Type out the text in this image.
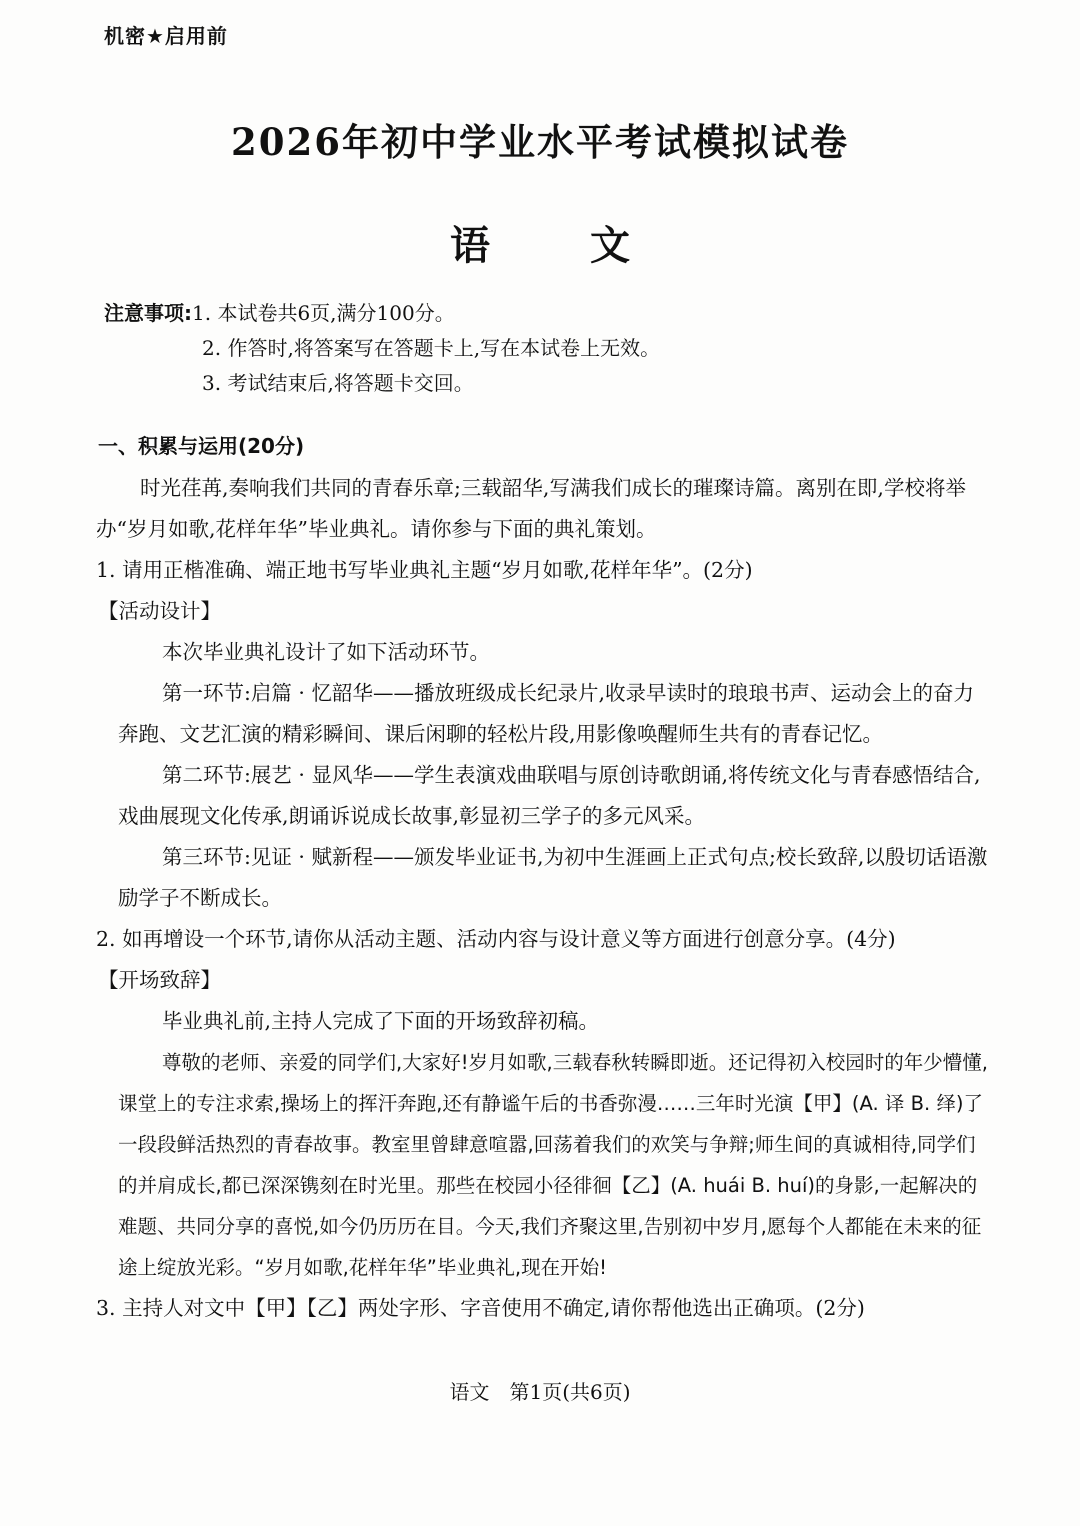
机密★启用前
2026年初中学业水平考试模拟试卷
语文
注意事项:1. 本试卷共6页,满分100分。
2. 作答时,将答案写在答题卡上,写在本试卷上无效。
3. 考试结束后,将答题卡交回。
一、积累与运用(20分)

时光荏苒,奏响我们共同的青春乐章;三载韶华,写满我们成长的璀璨诗篇。离别在即,学校将举办“岁月如歌,花样年华”毕业典礼。请你参与下面的典礼策划。

1. 请用正楷准确、端正地书写毕业典礼主题“岁月如歌,花样年华”。(2分)

【活动设计】

本次毕业典礼设计了如下活动环节。

第一环节:启篇 · 忆韶华——播放班级成长纪录片,收录早读时的琅琅书声、运动会上的奋力奔跑、文艺汇演的精彩瞬间、课后闲聊的轻松片段,用影像唤醒师生共有的青春记忆。

第二环节:展艺 · 显风华——学生表演戏曲联唱与原创诗歌朗诵,将传统文化与青春感悟结合,戏曲展现文化传承,朗诵诉说成长故事,彰显初三学子的多元风采。

第三环节:见证 · 赋新程——颁发毕业证书,为初中生涯画上正式句点;校长致辞,以殷切话语激励学子不断成长。

2. 如再增设一个环节,请你从活动主题、活动内容与设计意义等方面进行创意分享。(4分)

【开场致辞】

毕业典礼前,主持人完成了下面的开场致辞初稿。

尊敬的老师、亲爱的同学们,大家好!岁月如歌,三载春秋转瞬即逝。还记得初入校园时的年少懵懂,课堂上的专注求索,操场上的挥汗奔跑,还有静谧午后的书香弥漫……三年时光演【甲】(A. 译 B. 绎)了一段段鲜活热烈的青春故事。教室里曾肆意喧嚣,回荡着我们的欢笑与争辩;师生间的真诚相待,同学们的并肩成长,都已深深镌刻在时光里。那些在校园小径徘徊【乙】(A. huái B. huí)的身影,一起解决的难题、共同分享的喜悦,如今仍历历在目。今天,我们齐聚这里,告别初中岁月,愿每个人都能在未来的征途上绽放光彩。“岁月如歌,花样年华”毕业典礼,现在开始!

3. 主持人对文中【甲】【乙】两处字形、字音使用不确定,请你帮他选出正确项。(2分)

语文　第1页(共6页)
